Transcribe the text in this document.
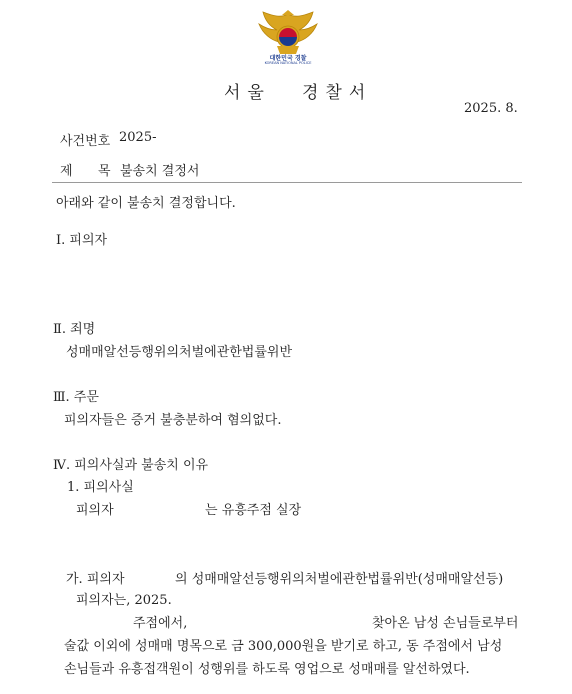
대한민국 경찰
KOREAN NATIONAL POLICE
서울 경찰서
2025. 8.
사건번호 2025-
제 목 불송치 결정서
아래와 같이 불송치 결정합니다.
Ⅰ. 피의자
Ⅱ. 죄명
성매매알선등행위의처벌에관한법률위반
Ⅲ. 주문
피의자들은 증거 불충분하여 혐의없다.
Ⅳ. 피의사실과 불송치 이유
1. 피의사실
피의자	는 유흥주점 실장
가. 피의자	의 성매매알선등행위의처벌에관한법률위반(성매매알선등)
피의자는, 2025.
주점에서,	찾아온 남성 손님들로부터
술값 이외에 성매매 명목으로 금 300,000원을 받기로 하고, 동 주점에서 남성
손님들과 유흥접객원이 성행위를 하도록 영업으로 성매매를 알선하였다.
